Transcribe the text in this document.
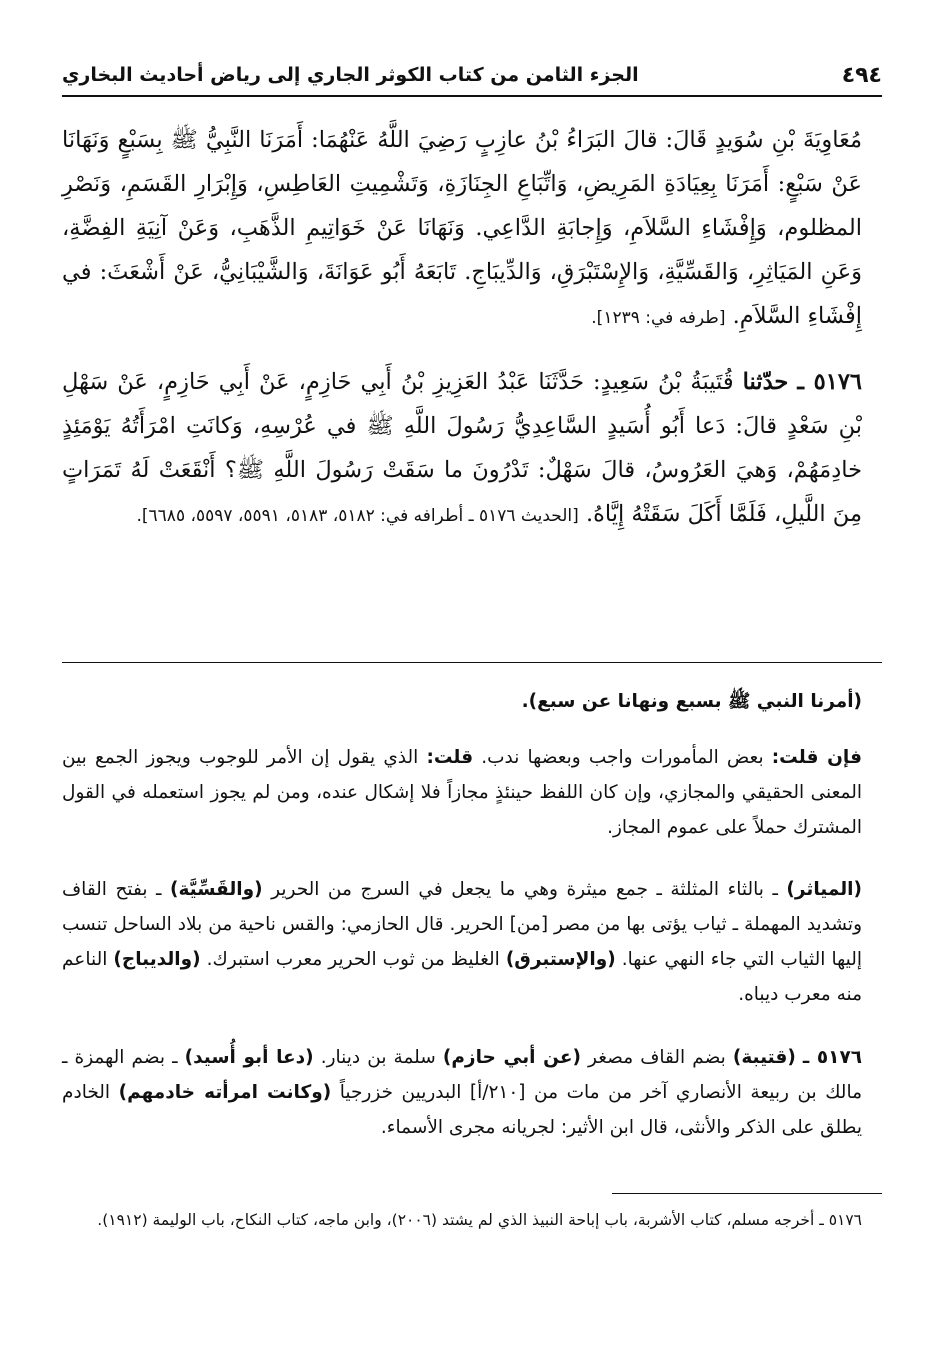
٤٩٤
الجزء الثامن من كتاب الكوثر الجاري إلى رياض أحاديث البخاري
مُعَاوِيَةَ بْنِ سُوَيدٍ قَالَ: قالَ البَرَاءُ بْنُ عازِبٍ رَضِيَ اللَّهُ عَنْهُمَا: أَمَرَنَا النَّبِيُّ ﷺ بِسَبْعٍ وَنَهَانَا عَنْ سَبْعٍ: أَمَرَنَا بِعِيَادَةِ المَرِيضِ، وَاتِّبَاعِ الجِنَازَةِ، وَتَشْمِيتِ العَاطِسِ، وَإِبْرَارِ القَسَمِ، وَنَصْرِ المظلوم، وَإِفْشَاءِ السَّلاَمِ، وَإِجابَةِ الدَّاعِي. وَنَهَانَا عَنْ خَوَاتِيمِ الذَّهَبِ، وَعَنْ آنِيَةِ الفِضَّةِ، وَعَنِ المَيَاثِرِ، وَالقَسِّيَّةِ، وَالإِسْتَبْرَقِ، وَالدِّيبَاجِ. تَابَعَهُ أَبُو عَوَانَةَ، وَالشَّيْبَانِيُّ، عَنْ أَشْعَثَ: في إِفْشَاءِ السَّلاَمِ. [طرفه في: ١٢٣٩].
٥١٧٦ ـ حدّثنا قُتَيبَةُ بْنُ سَعِيدٍ: حَدَّثَنَا عَبْدُ العَزِيزِ بْنُ أَبِي حَازِمٍ، عَنْ أَبِي حَازِمٍ، عَنْ سَهْلِ بْنِ سَعْدٍ قالَ: دَعا أَبُو أُسَيدٍ السَّاعِدِيُّ رَسُولَ اللَّهِ ﷺ في عُرْسِهِ، وَكانَتِ امْرَأَتُهُ يَوْمَئِذٍ خادِمَهُمْ، وَهيَ العَرُوسُ، قالَ سَهْلٌ: تَدْرُونَ ما سَقَتْ رَسُولَ اللَّهِ ﷺ؟ أَنْقَعَتْ لَهُ تَمَرَاتٍ مِنَ اللَّيلِ، فَلَمَّا أَكَلَ سَقَتْهُ إِيَّاهُ. [الحديث ٥١٧٦ ـ أطرافه في: ٥١٨٢، ٥١٨٣، ٥٥٩١، ٥٥٩٧، ٦٦٨٥].
(أمرنا النبي ﷺ بسبع ونهانا عن سبع).
فإن قلت: بعض المأمورات واجب وبعضها ندب. قلت: الذي يقول إن الأمر للوجوب ويجوز الجمع بين المعنى الحقيقي والمجازي، وإن كان اللفظ حينئذٍ مجازاً فلا إشكال عنده، ومن لم يجوز استعمله في القول المشترك حملاً على عموم المجاز.
(المياثر) ـ بالثاء المثلثة ـ جمع ميثرة وهي ما يجعل في السرج من الحرير (والقَسِّيَّة) ـ بفتح القاف وتشديد المهملة ـ ثياب يؤتى بها من مصر [من] الحرير. قال الحازمي: والقس ناحية من بلاد الساحل تنسب إليها الثياب التي جاء النهي عنها. (والإستبرق) الغليظ من ثوب الحرير معرب استبرك. (والديباج) الناعم منه معرب ديباه.
٥١٧٦ ـ (قتيبة) بضم القاف مصغر (عن أبي حازم) سلمة بن دينار. (دعا أبو أُسيد) ـ بضم الهمزة ـ مالك بن ربيعة الأنصاري آخر من مات من [٢١٠/أ] البدريين خزرجياً (وكانت امرأته خادمهم) الخادم يطلق على الذكر والأنثى، قال ابن الأثير: لجريانه مجرى الأسماء.
٥١٧٦ ـ أخرجه مسلم، كتاب الأشربة، باب إباحة النبيذ الذي لم يشتد (٢٠٠٦)، وابن ماجه، كتاب النكاح، باب الوليمة (١٩١٢).
